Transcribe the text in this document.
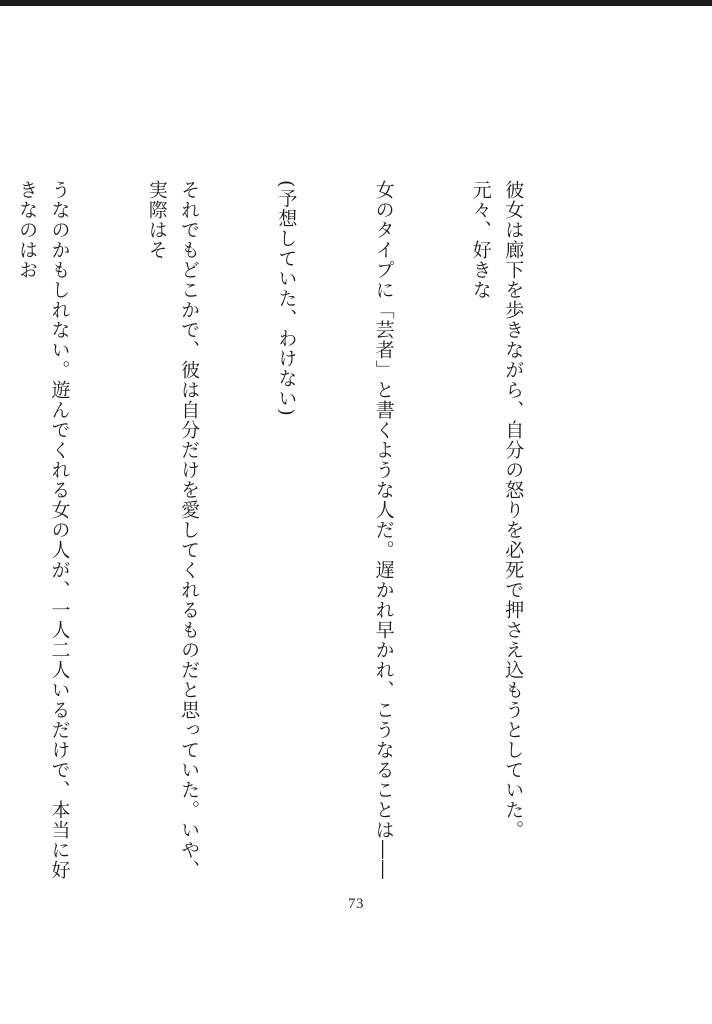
彼女は廊下を歩きながら、自分の怒りを必死で押さえ込もうとしていた。元々、好きな

女のタイプに「芸者」と書くような人だ。遅かれ早かれ、こうなることは――

(予想していた、わけない)

それでもどこかで、彼は自分だけを愛してくれるものだと思っていた。いや、実際はそ

うなのかもしれない。遊んでくれる女の人が、一人二人いるだけで、本当に好きなのはお

73
